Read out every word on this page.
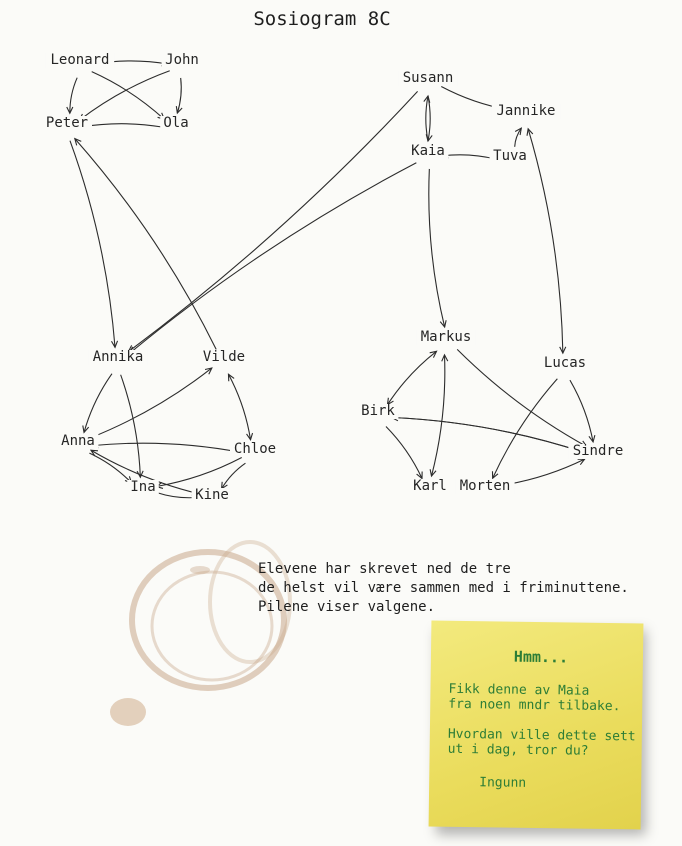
Sosiogram 8C
Leonard	John
Peter	Ola
Susann
Jannike
Kaia	Tuva
Annika	Vilde
Anna	Chloe
Ina	Kine
Markus
Lucas
Birk
Sindre
Karl Morten
Elevene har skrevet ned de tre
de helst vil være sammen med i friminuttene.
Pilene viser valgene.
Hmm...
Fikk denne av Maia
fra noen mndr tilbake.
Hvordan ville dette sett
ut i dag, tror du?
Ingunn
